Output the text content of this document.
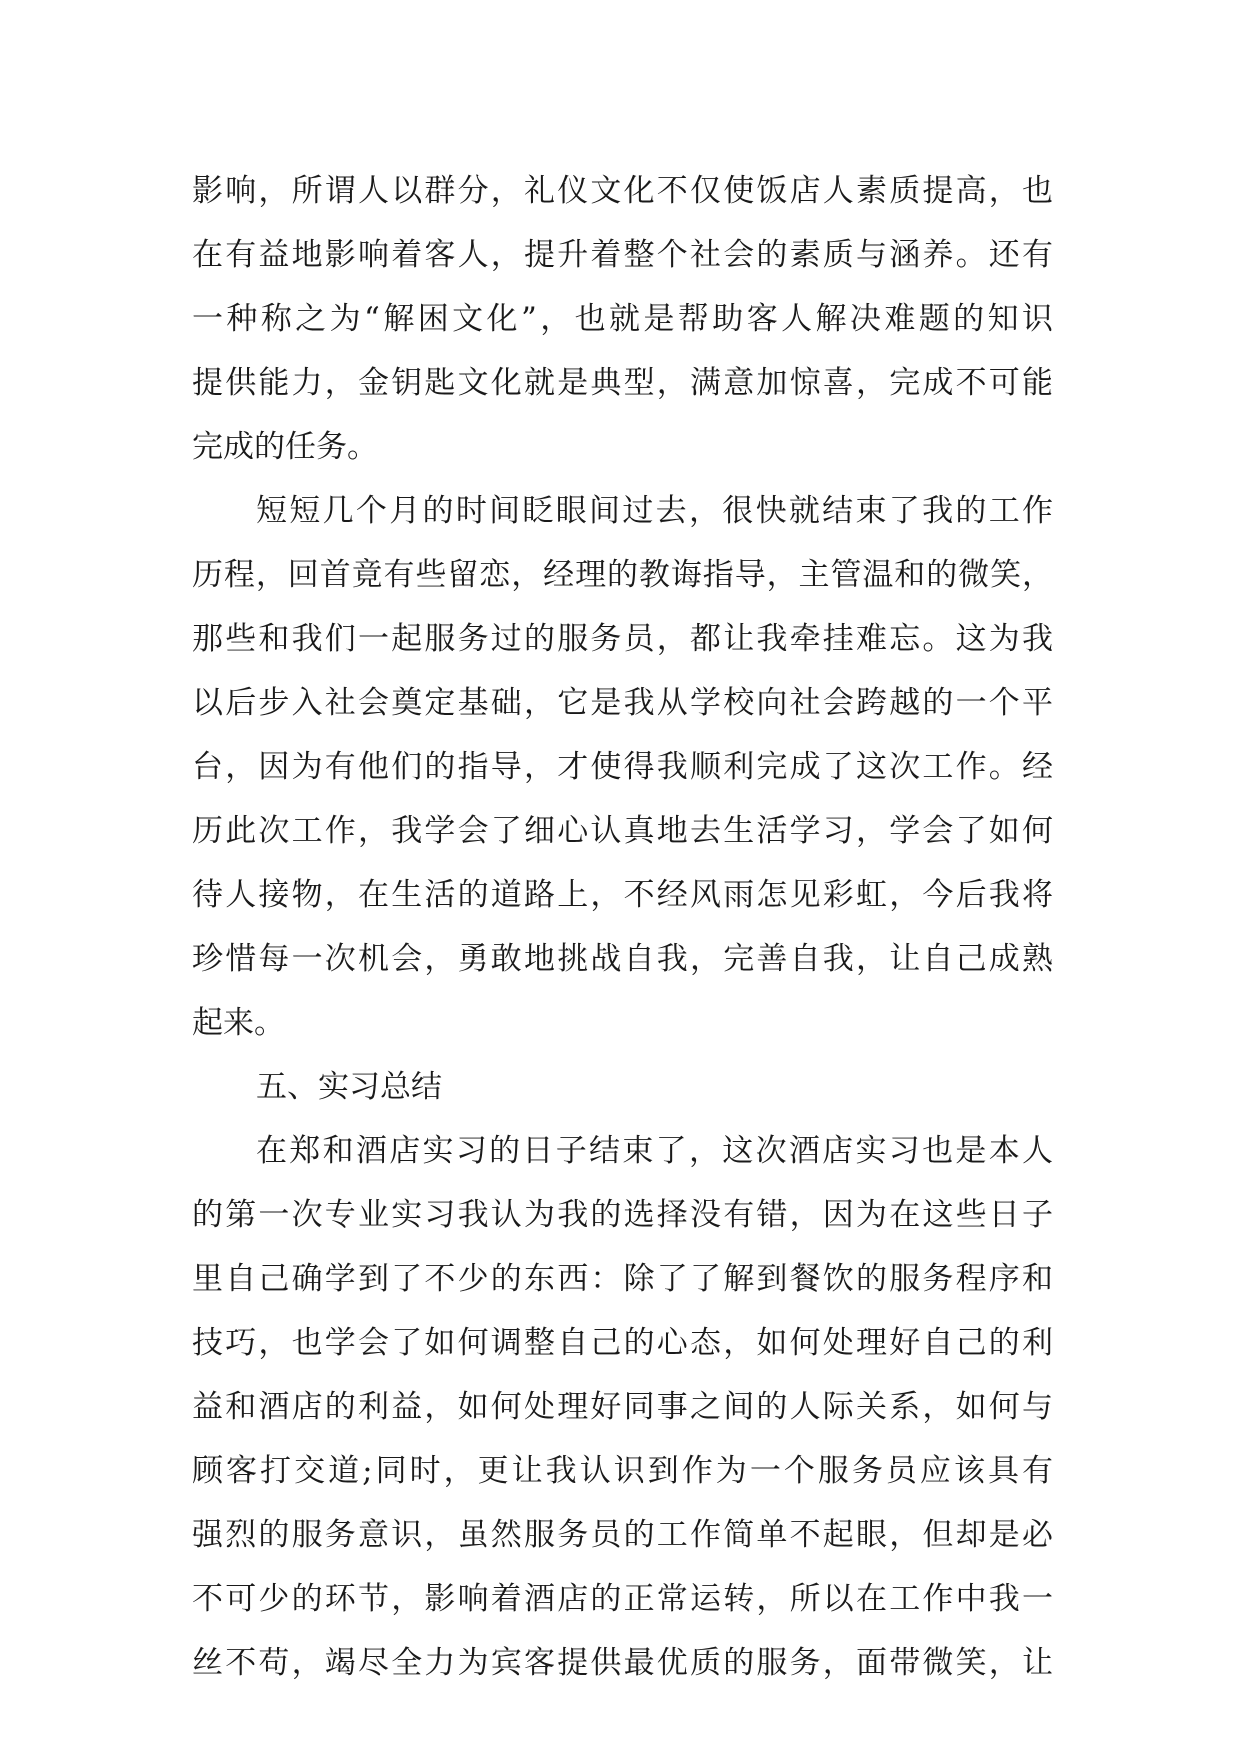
影响，所谓人以群分，礼仪文化不仅使饭店人素质提高，也
在有益地影响着客人，提升着整个社会的素质与涵养。还有
一种称之为“解困文化”，也就是帮助客人解决难题的知识
提供能力，金钥匙文化就是典型，满意加惊喜，完成不可能
完成的任务。
短短几个月的时间眨眼间过去，很快就结束了我的工作
历程，回首竟有些留恋，经理的教诲指导，主管温和的微笑，
那些和我们一起服务过的服务员，都让我牵挂难忘。这为我
以后步入社会奠定基础，它是我从学校向社会跨越的一个平
台，因为有他们的指导，才使得我顺利完成了这次工作。经
历此次工作，我学会了细心认真地去生活学习，学会了如何
待人接物，在生活的道路上，不经风雨怎见彩虹，今后我将
珍惜每一次机会，勇敢地挑战自我，完善自我，让自己成熟
起来。
五、实习总结
在郑和酒店实习的日子结束了，这次酒店实习也是本人
的第一次专业实习我认为我的选择没有错，因为在这些日子
里自己确学到了不少的东西：除了了解到餐饮的服务程序和
技巧，也学会了如何调整自己的心态，如何处理好自己的利
益和酒店的利益，如何处理好同事之间的人际关系，如何与
顾客打交道;同时，更让我认识到作为一个服务员应该具有
强烈的服务意识，虽然服务员的工作简单不起眼，但却是必
不可少的环节，影响着酒店的正常运转，所以在工作中我一
丝不苟，竭尽全力为宾客提供最优质的服务，面带微笑，让
